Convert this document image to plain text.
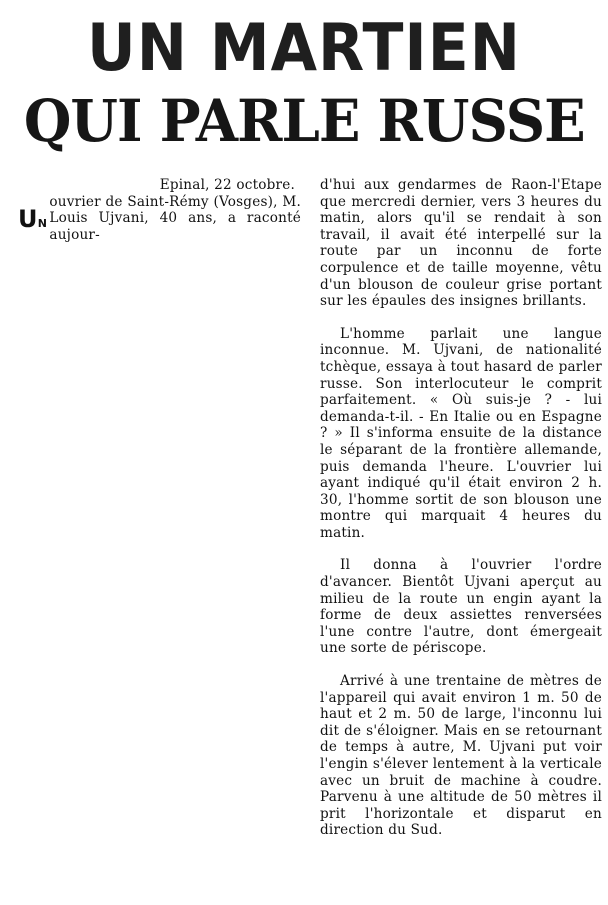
UN MARTIEN
QUI PARLE RUSSE
Epinal, 22 octobre.
UN

ouvrier de Saint-Rémy (Vosges), M. Louis Ujvani, 40 ans, a raconté aujour-

d'hui aux gendarmes de Raon-l'Etape que mercredi dernier, vers 3 heures du matin, alors qu'il se rendait à son travail, il avait été interpellé sur la route par un inconnu de forte corpulence et de taille moyenne, vêtu d'un blouson de couleur grise portant sur les épaules des insignes brillants.

L'homme parlait une langue inconnue. M. Ujvani, de nationalité tchèque, essaya à tout hasard de parler russe. Son interlocuteur le comprit parfaitement. « Où suis-je ? - lui demanda-t-il. - En Italie ou en Espagne ? » Il s'informa ensuite de la distance le séparant de la frontière allemande, puis demanda l'heure. L'ouvrier lui ayant indiqué qu'il était environ 2 h. 30, l'homme sortit de son blouson une montre qui marquait 4 heures du matin.

Il donna à l'ouvrier l'ordre d'avancer. Bientôt Ujvani aperçut au milieu de la route un engin ayant la forme de deux assiettes renversées l'une contre l'autre, dont émergeait une sorte de périscope.

Arrivé à une trentaine de mètres de l'appareil qui avait environ 1 m. 50 de haut et 2 m. 50 de large, l'inconnu lui dit de s'éloigner. Mais en se retournant de temps à autre, M. Ujvani put voir l'engin s'élever lentement à la verticale avec un bruit de machine à coudre. Parvenu à une altitude de 50 mètres il prit l'horizontale et disparut en direction du Sud.
